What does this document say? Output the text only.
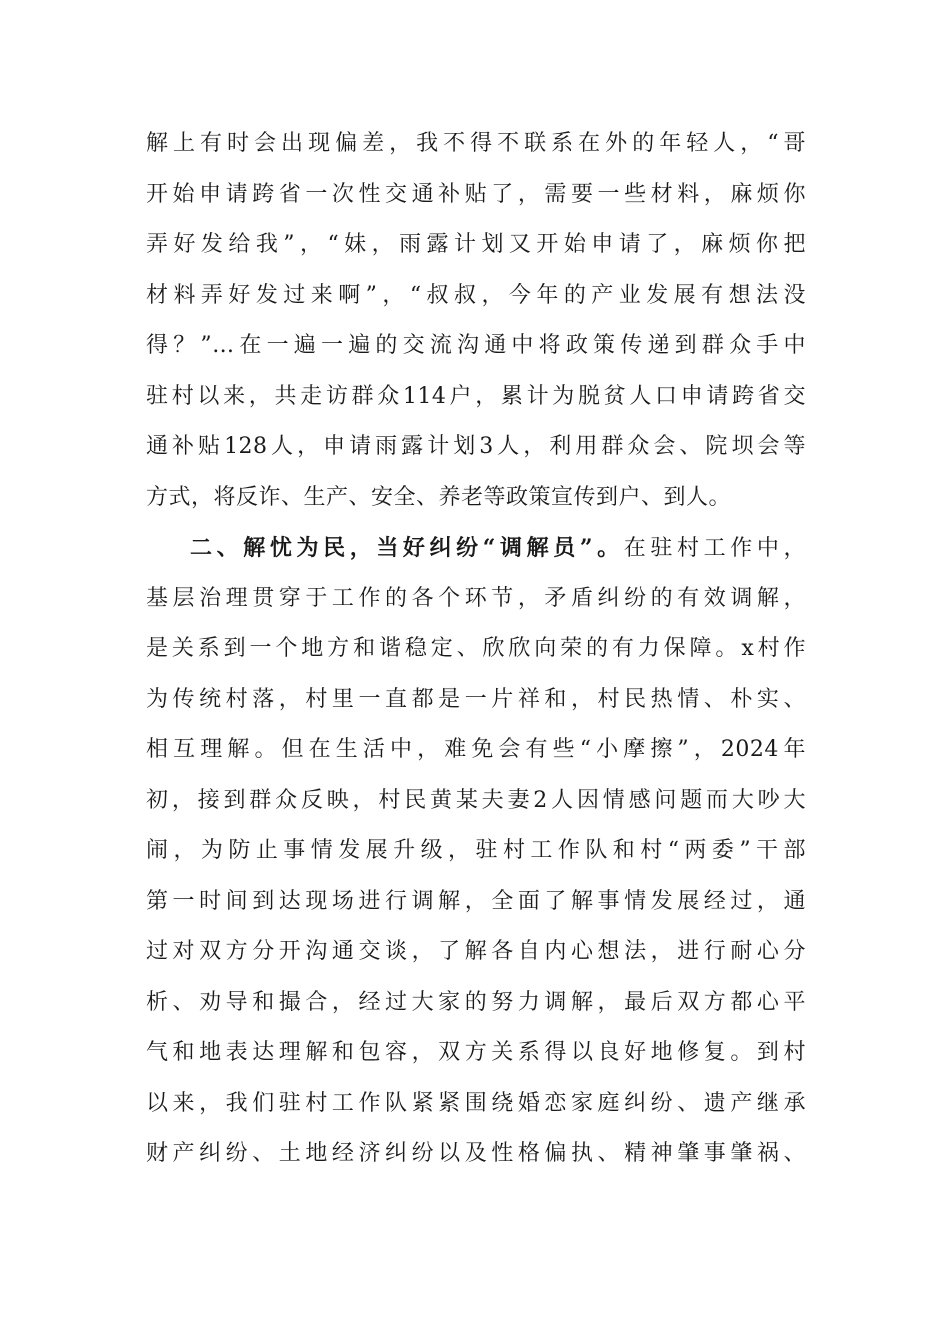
解上有时会出现偏差，我不得不联系在外的年轻人，“哥
开始申请跨省一次性交通补贴了，需要一些材料，麻烦你
弄好发给我”，“妹，雨露计划又开始申请了，麻烦你把
材料弄好发过来啊”，“叔叔，今年的产业发展有想法没
得？”…在一遍一遍的交流沟通中将政策传递到群众手中
驻村以来，共走访群众114户，累计为脱贫人口申请跨省交
通补贴128人，申请雨露计划3人，利用群众会、院坝会等
方式，将反诈、生产、安全、养老等政策宣传到户、到人。
二、解忧为民，当好纠纷“调解员”。在驻村工作中，
基层治理贯穿于工作的各个环节，矛盾纠纷的有效调解，
是关系到一个地方和谐稳定、欣欣向荣的有力保障。x村作
为传统村落，村里一直都是一片祥和，村民热情、朴实、
相互理解。但在生活中，难免会有些“小摩擦”，2024年
初，接到群众反映，村民黄某夫妻2人因情感问题而大吵大
闹，为防止事情发展升级，驻村工作队和村“两委”干部
第一时间到达现场进行调解，全面了解事情发展经过，通
过对双方分开沟通交谈，了解各自内心想法，进行耐心分
析、劝导和撮合，经过大家的努力调解，最后双方都心平
气和地表达理解和包容，双方关系得以良好地修复。到村
以来，我们驻村工作队紧紧围绕婚恋家庭纠纷、遗产继承
财产纠纷、土地经济纠纷以及性格偏执、精神肇事肇祸、
